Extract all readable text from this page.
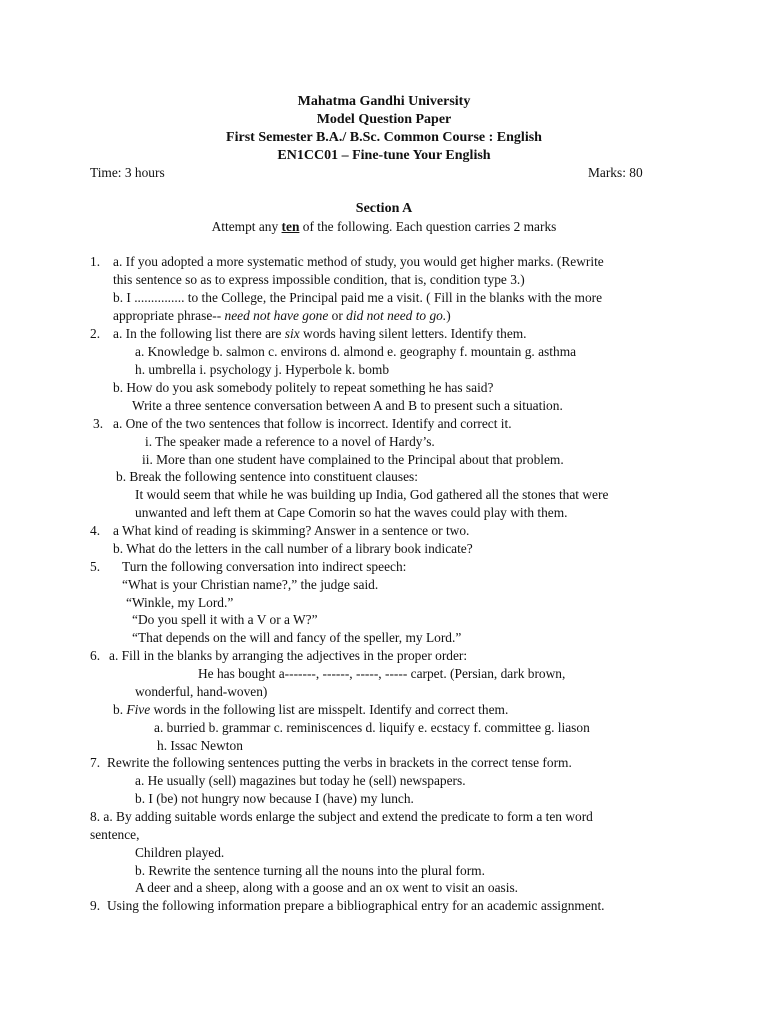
Mahatma Gandhi University
Model Question Paper
First Semester B.A./ B.Sc. Common Course : English
EN1CC01 – Fine-tune Your English
Time: 3 hours	Marks: 80
Section A
Attempt any ten of the following. Each question carries 2 marks
1. a. If you adopted a more systematic method of study, you would get higher marks. (Rewrite
this sentence so as to express impossible condition, that is, condition type 3.)
b. I ............... to the College, the Principal paid me a visit. ( Fill in the blanks with the more
appropriate phrase-- need not have gone or did not need to go.)
2. a. In the following list there are six words having silent letters. Identify them.
a. Knowledge b. salmon c. environs d. almond e. geography f. mountain g. asthma
h. umbrella i. psychology j. Hyperbole k. bomb
b. How do you ask somebody politely to repeat something he has said?
Write a three sentence conversation between A and B to present such a situation.
3. a. One of the two sentences that follow is incorrect. Identify and correct it.
i. The speaker made a reference to a novel of Hardy’s.
ii. More than one student have complained to the Principal about that problem.
b. Break the following sentence into constituent clauses:
It would seem that while he was building up India, God gathered all the stones that were
unwanted and left them at Cape Comorin so hat the waves could play with them.
4. a What kind of reading is skimming? Answer in a sentence or two.
b. What do the letters in the call number of a library book indicate?
5. Turn the following conversation into indirect speech:
“What is your Christian name?,” the judge said.
“Winkle, my Lord.”
“Do you spell it with a V or a W?”
“That depends on the will and fancy of the speller, my Lord.”
6. a. Fill in the blanks by arranging the adjectives in the proper order:
He has bought a-------, ------, -----, ----- carpet. (Persian, dark brown,
wonderful, hand-woven)
b. Five words in the following list are misspelt. Identify and correct them.
a. burried b. grammar c. reminiscences d. liquify e. ecstacy f. committee g. liason
h. Issac Newton
7. Rewrite the following sentences putting the verbs in brackets in the correct tense form.
a. He usually (sell) magazines but today he (sell) newspapers.
b. I (be) not hungry now because I (have) my lunch.
8. a. By adding suitable words enlarge the subject and extend the predicate to form a ten word
sentence,
Children played.
b. Rewrite the sentence turning all the nouns into the plural form.
A deer and a sheep, along with a goose and an ox went to visit an oasis.
9. Using the following information prepare a bibliographical entry for an academic assignment.
